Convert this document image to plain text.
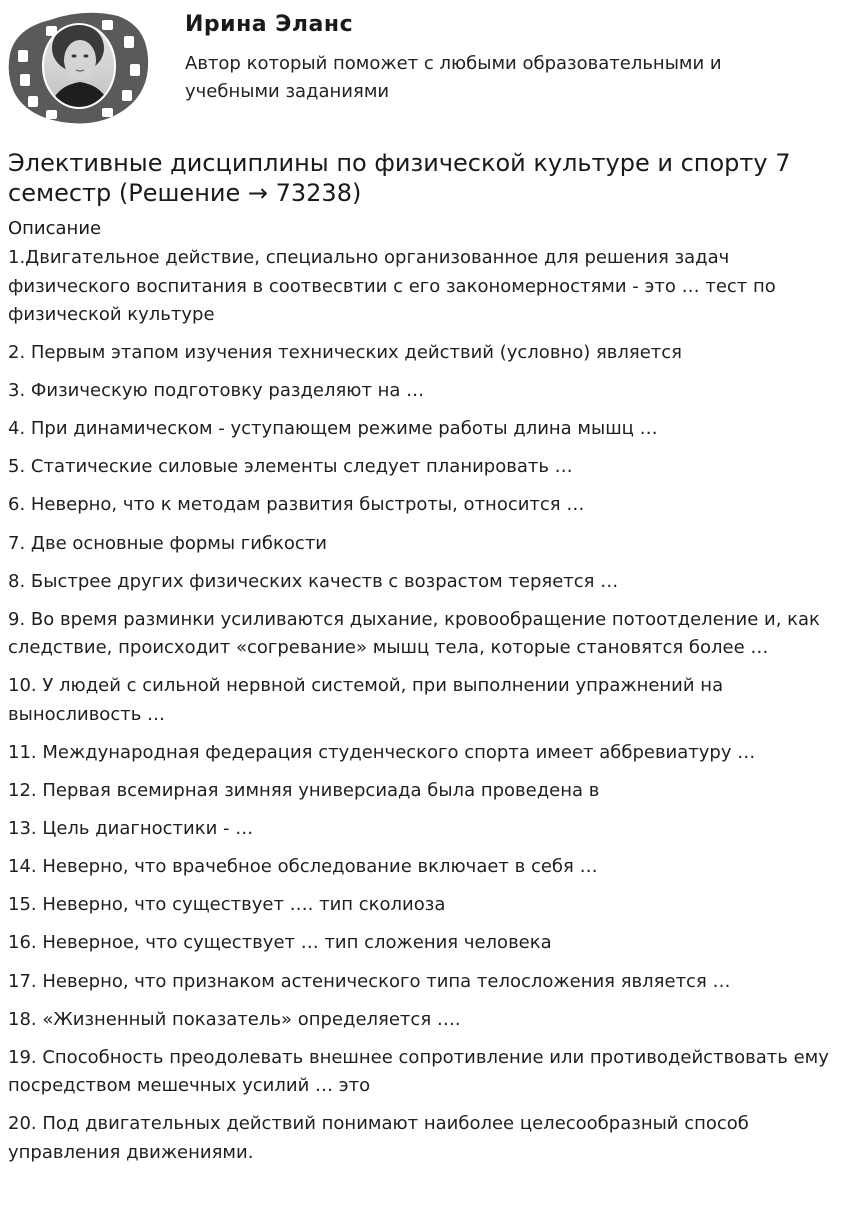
Ирина Эланс
Автор который поможет с любыми образовательными и учебными заданиями
Элективные дисциплины по физической культуре и спорту 7 семестр (Решение → 73238)
Описание
1.Двигательное действие, специально организованное для решения задач физического воспитания в соотвесвтии с его закономерностями - это … тест по физической культуре
2. Первым этапом изучения технических действий (условно) является
3. Физическую подготовку разделяют на …
4. При динамическом - уступающем режиме работы длина мышц …
5. Статические силовые элементы следует планировать …
6. Неверно, что к методам развития быстроты, относится …
7. Две основные формы гибкости
8. Быстрее других физических качеств с возрастом теряется …
9. Во время разминки усиливаются дыхание, кровообращение потоотделение и, как следствие, происходит «согревание» мышц тела, которые становятся более …
10. У людей с сильной нервной системой, при выполнении упражнений на выносливость …
11. Международная федерация студенческого спорта имеет аббревиатуру …
12. Первая всемирная зимняя универсиада была проведена в
13. Цель диагностики - …
14. Неверно, что врачебное обследование включает в себя …
15. Неверно, что существует …. тип сколиоза
16. Неверное, что существует … тип сложения человека
17. Неверно, что признаком астенического типа телосложения является …
18. «Жизненный показатель» определяется ….
19. Способность преодолевать внешнее сопротивление или противодействовать ему посредством мешечных усилий … это
20. Под двигательных действий понимают наиболее целесообразный способ управления движениями.
